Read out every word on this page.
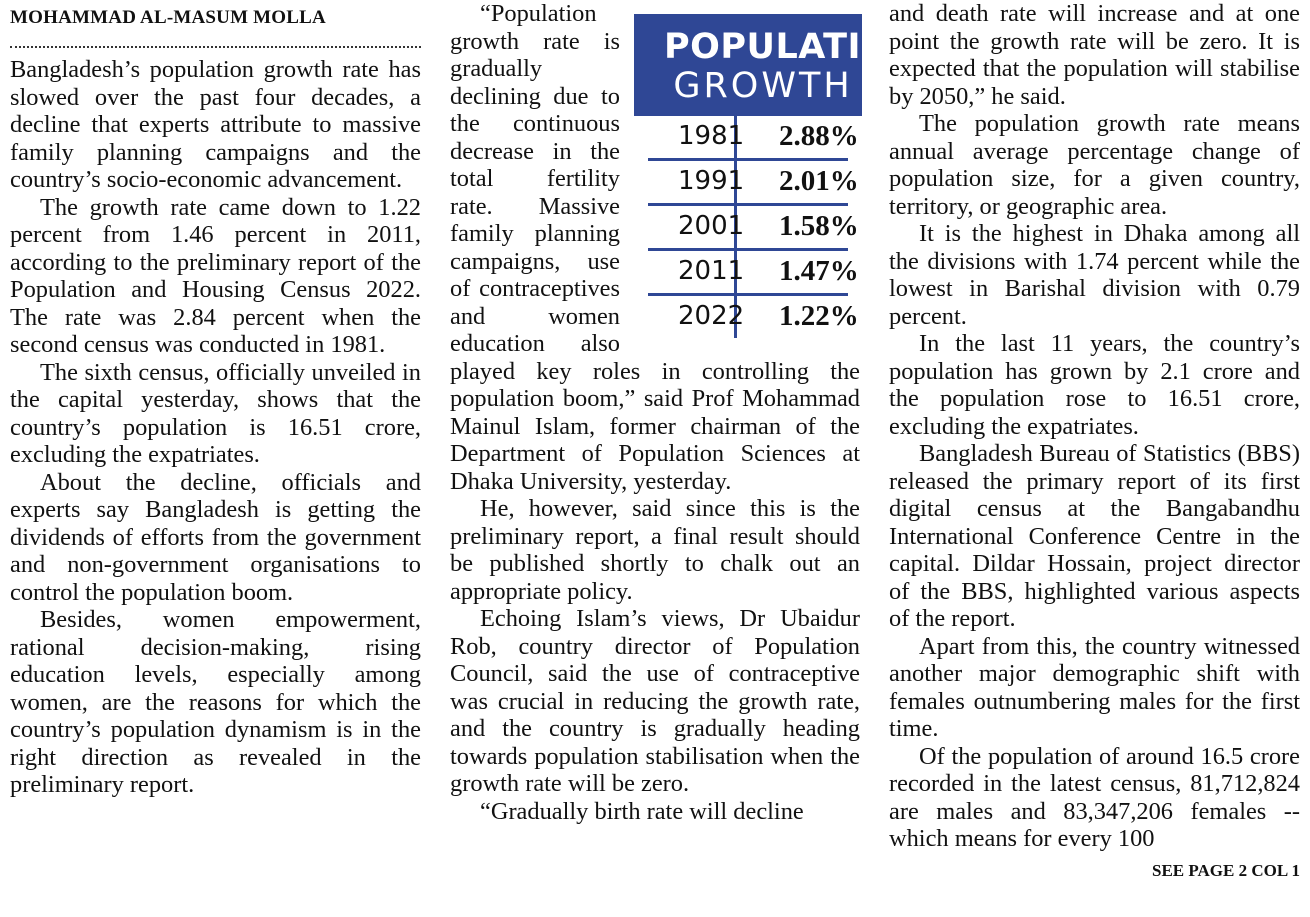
MOHAMMAD AL-MASUM MOLLA

Bangladesh’s population growth rate has slowed over the past four decades, a decline that experts attribute to massive family planning campaigns and the country’s socio-economic advancement.

The growth rate came down to 1.22 percent from 1.46 percent in 2011, according to the preliminary report of the Population and Housing Census 2022. The rate was 2.84 percent when the second census was conducted in 1981.

The sixth census, officially unveiled in the capital yesterday, shows that the country’s population is 16.51 crore, excluding the expatriates.

About the decline, officials and experts say Bangladesh is getting the dividends of efforts from the government and non-government organisations to control the population boom.

Besides, women empowerment, rational decision-making, rising education levels, especially among women, are the reasons for which the country’s population dynamism is in the right direction as revealed in the preliminary report.

POPULATION
GROWTH
1981	2.88%
1991	2.01%
2001	1.58%
2011	1.47%
2022	1.22%
“Population growth rate is gradually declining due to the continuous decrease in the total fertility rate. Massive family planning campaigns, use of contraceptives and women education also played key roles in controlling the population boom,” said Prof Mohammad Mainul Islam, former chairman of the Department of Population Sciences at Dhaka University, yesterday.

He, however, said since this is the preliminary report, a final result should be published shortly to chalk out an appropriate policy.

Echoing Islam’s views, Dr Ubaidur Rob, country director of Population Council, said the use of contraceptive was crucial in reducing the growth rate, and the country is gradually heading towards population stabilisation when the growth rate will be zero.

“Gradually birth rate will decline

and death rate will increase and at one point the growth rate will be zero. It is expected that the population will stabilise by 2050,” he said.

The population growth rate means annual average percentage change of population size, for a given country, territory, or geographic area.

It is the highest in Dhaka among all the divisions with 1.74 percent while the lowest in Barishal division with 0.79 percent.

In the last 11 years, the country’s population has grown by 2.1 crore and the population rose to 16.51 crore, excluding the expatriates.

Bangladesh Bureau of Statistics (BBS) released the primary report of its first digital census at the Bangabandhu International Conference Centre in the capital. Dildar Hossain, project director of the BBS, highlighted various aspects of the report.

Apart from this, the country witnessed another major demographic shift with females outnumbering males for the first time.

Of the population of around 16.5 crore recorded in the latest census, 81,712,824 are males and 83,347,206 females -- which means for every 100

SEE PAGE 2 COL 1
